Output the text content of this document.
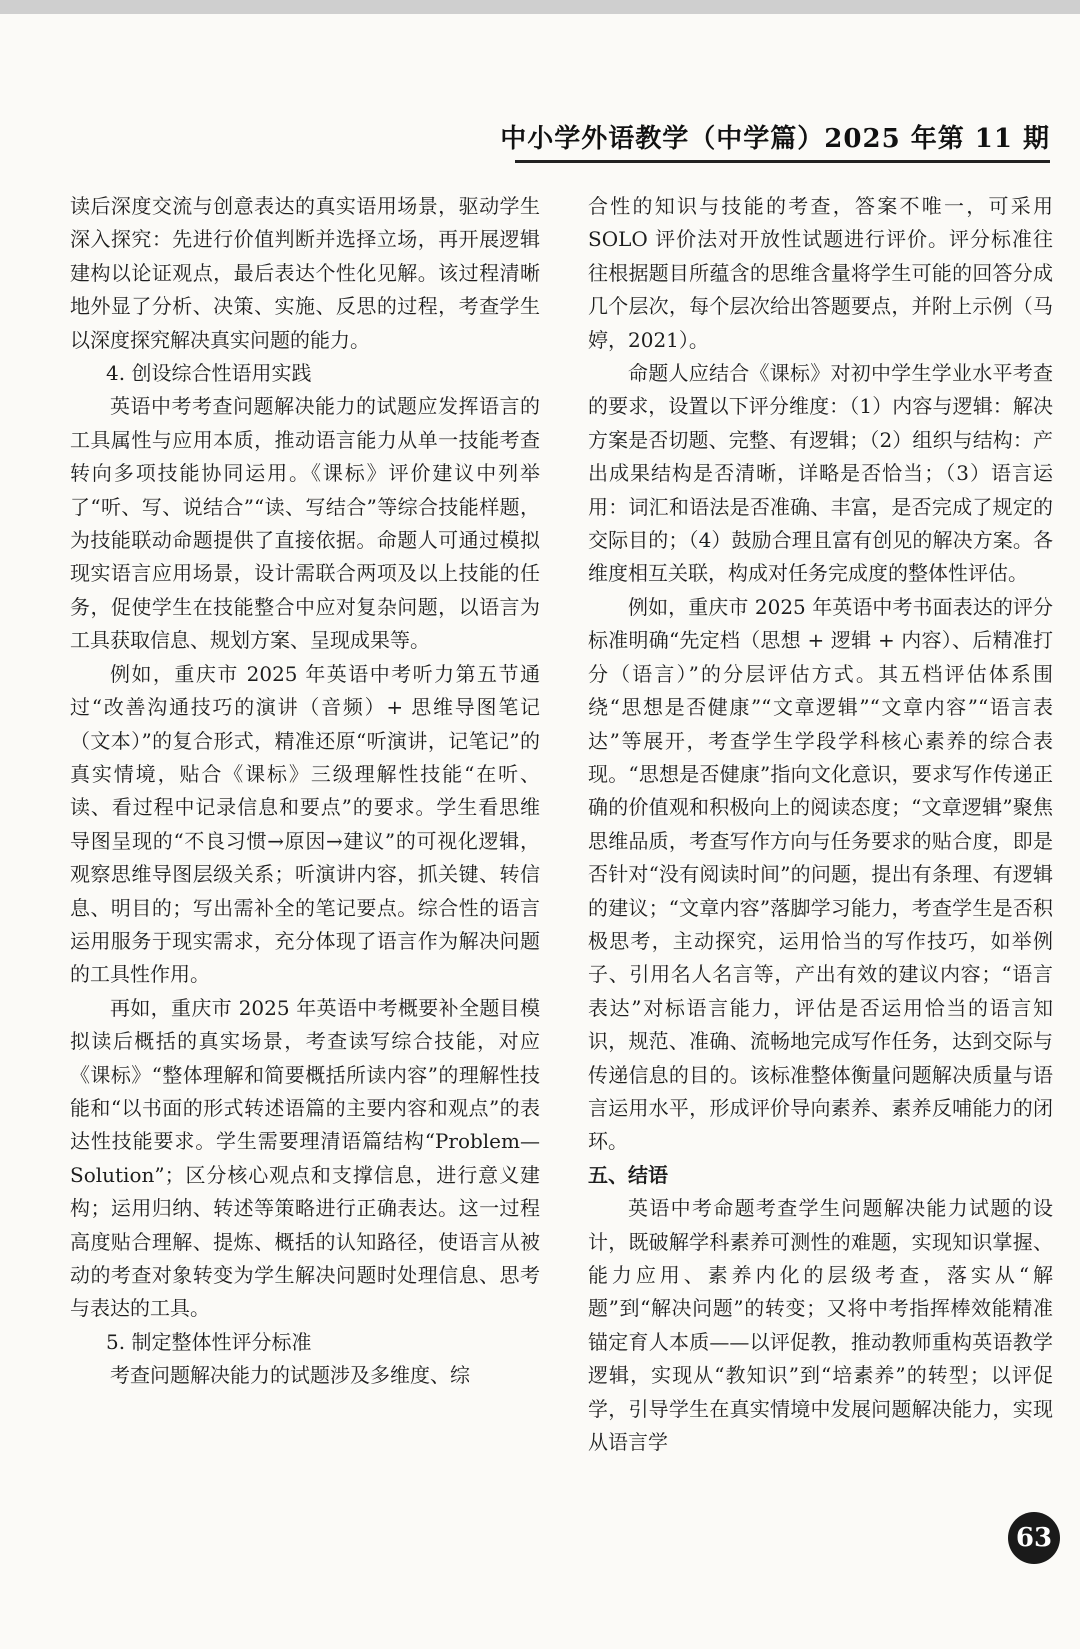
中小学外语教学（中学篇）2025 年第 11 期

读后深度交流与创意表达的真实语用场景，驱动学生深入探究：先进行价值判断并选择立场，再开展逻辑建构以论证观点，最后表达个性化见解。该过程清晰地外显了分析、决策、实施、反思的过程，考查学生以深度探究解决真实问题的能力。

4. 创设综合性语用实践

英语中考考查问题解决能力的试题应发挥语言的工具属性与应用本质，推动语言能力从单一技能考查转向多项技能协同运用。《课标》评价建议中列举了“听、写、说结合”“读、写结合”等综合技能样题，为技能联动命题提供了直接依据。命题人可通过模拟现实语言应用场景，设计需联合两项及以上技能的任务，促使学生在技能整合中应对复杂问题，以语言为工具获取信息、规划方案、呈现成果等。

例如，重庆市 2025 年英语中考听力第五节通过“改善沟通技巧的演讲（音频）+ 思维导图笔记（文本）”的复合形式，精准还原“听演讲，记笔记”的真实情境，贴合《课标》三级理解性技能“在听、读、看过程中记录信息和要点”的要求。学生看思维导图呈现的“不良习惯→原因→建议”的可视化逻辑，观察思维导图层级关系；听演讲内容，抓关键、转信息、明目的；写出需补全的笔记要点。综合性的语言运用服务于现实需求，充分体现了语言作为解决问题的工具性作用。

再如，重庆市 2025 年英语中考概要补全题目模拟读后概括的真实场景，考查读写综合技能，对应《课标》“整体理解和简要概括所读内容”的理解性技能和“以书面的形式转述语篇的主要内容和观点”的表达性技能要求。学生需要理清语篇结构“Problem—Solution”；区分核心观点和支撑信息，进行意义建构；运用归纳、转述等策略进行正确表达。这一过程高度贴合理解、提炼、概括的认知路径，使语言从被动的考查对象转变为学生解决问题时处理信息、思考与表达的工具。

5. 制定整体性评分标准

考查问题解决能力的试题涉及多维度、综

合性的知识与技能的考查，答案不唯一，可采用 SOLO 评价法对开放性试题进行评价。评分标准往往根据题目所蕴含的思维含量将学生可能的回答分成几个层次，每个层次给出答题要点，并附上示例（马婷，2021）。

命题人应结合《课标》对初中学生学业水平考查的要求，设置以下评分维度：（1）内容与逻辑：解决方案是否切题、完整、有逻辑；（2）组织与结构：产出成果结构是否清晰，详略是否恰当；（3）语言运用：词汇和语法是否准确、丰富，是否完成了规定的交际目的；（4）鼓励合理且富有创见的解决方案。各维度相互关联，构成对任务完成度的整体性评估。

例如，重庆市 2025 年英语中考书面表达的评分标准明确“先定档（思想 + 逻辑 + 内容）、后精准打分（语言）”的分层评估方式。其五档评估体系围绕“思想是否健康”“文章逻辑”“文章内容”“语言表达”等展开，考查学生学段学科核心素养的综合表现。“思想是否健康”指向文化意识，要求写作传递正确的价值观和积极向上的阅读态度；“文章逻辑”聚焦思维品质，考查写作方向与任务要求的贴合度，即是否针对“没有阅读时间”的问题，提出有条理、有逻辑的建议；“文章内容”落脚学习能力，考查学生是否积极思考，主动探究，运用恰当的写作技巧，如举例子、引用名人名言等，产出有效的建议内容；“语言表达”对标语言能力，评估是否运用恰当的语言知识，规范、准确、流畅地完成写作任务，达到交际与传递信息的目的。该标准整体衡量问题解决质量与语言运用水平，形成评价导向素养、素养反哺能力的闭环。

五、结语

英语中考命题考查学生问题解决能力试题的设计，既破解学科素养可测性的难题，实现知识掌握、能力应用、素养内化的层级考查，落实从“解题”到“解决问题”的转变；又将中考指挥棒效能精准锚定育人本质——以评促教，推动教师重构英语教学逻辑，实现从“教知识”到“培素养”的转型；以评促学，引导学生在真实情境中发展问题解决能力，实现从语言学

63
